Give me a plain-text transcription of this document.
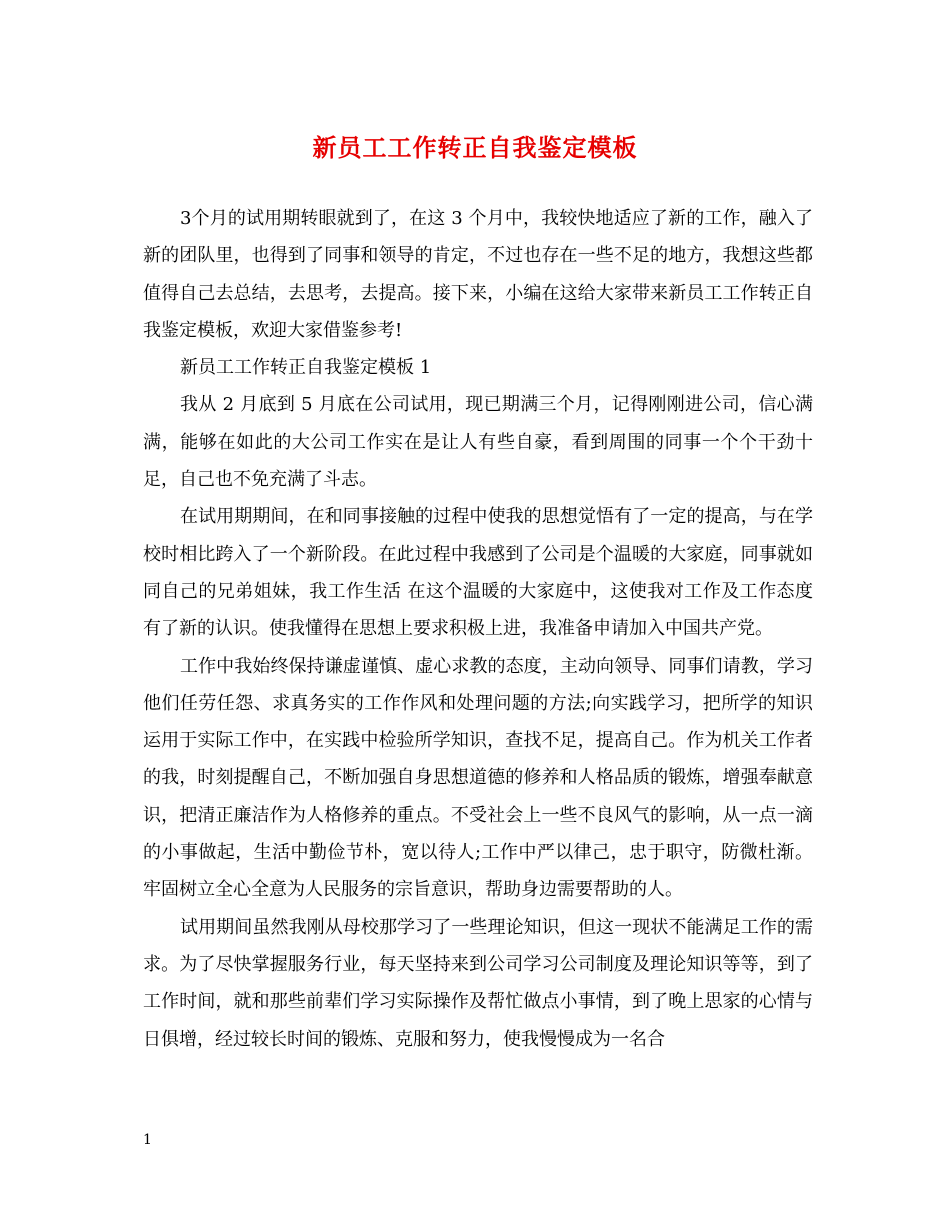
新员工工作转正自我鉴定模板

3个月的试用期转眼就到了，在这 3 个月中，我较快地适应了新的工作，融入了新的团队里，也得到了同事和领导的肯定，不过也存在一些不足的地方，我想这些都值得自己去总结，去思考，去提高。接下来，小编在这给大家带来新员工工作转正自我鉴定模板，欢迎大家借鉴参考!

新员工工作转正自我鉴定模板 1

我从 2 月底到 5 月底在公司试用，现已期满三个月，记得刚刚进公司，信心满满，能够在如此的大公司工作实在是让人有些自豪，看到周围的同事一个个干劲十足，自己也不免充满了斗志。

在试用期期间，在和同事接触的过程中使我的思想觉悟有了一定的提高，与在学校时相比跨入了一个新阶段。在此过程中我感到了公司是个温暖的大家庭，同事就如同自己的兄弟姐妹，我工作生活 在这个温暖的大家庭中，这使我对工作及工作态度有了新的认识。使我懂得在思想上要求积极上进，我准备申请加入中国共产党。

工作中我始终保持谦虚谨慎、虚心求教的态度，主动向领导、同事们请教，学习他们任劳任怨、求真务实的工作作风和处理问题的方法;向实践学习，把所学的知识运用于实际工作中，在实践中检验所学知识，查找不足，提高自己。作为机关工作者的我，时刻提醒自己，不断加强自身思想道德的修养和人格品质的锻炼，增强奉献意识，把清正廉洁作为人格修养的重点。不受社会上一些不良风气的影响，从一点一滴的小事做起，生活中勤俭节朴，宽以待人;工作中严以律己，忠于职守，防微杜渐。牢固树立全心全意为人民服务的宗旨意识，帮助身边需要帮助的人。

试用期间虽然我刚从母校那学习了一些理论知识，但这一现状不能满足工作的需求。为了尽快掌握服务行业，每天坚持来到公司学习公司制度及理论知识等等，到了工作时间，就和那些前辈们学习实际操作及帮忙做点小事情，到了晚上思家的心情与日俱增，经过较长时间的锻炼、克服和努力，使我慢慢成为一名合

1
